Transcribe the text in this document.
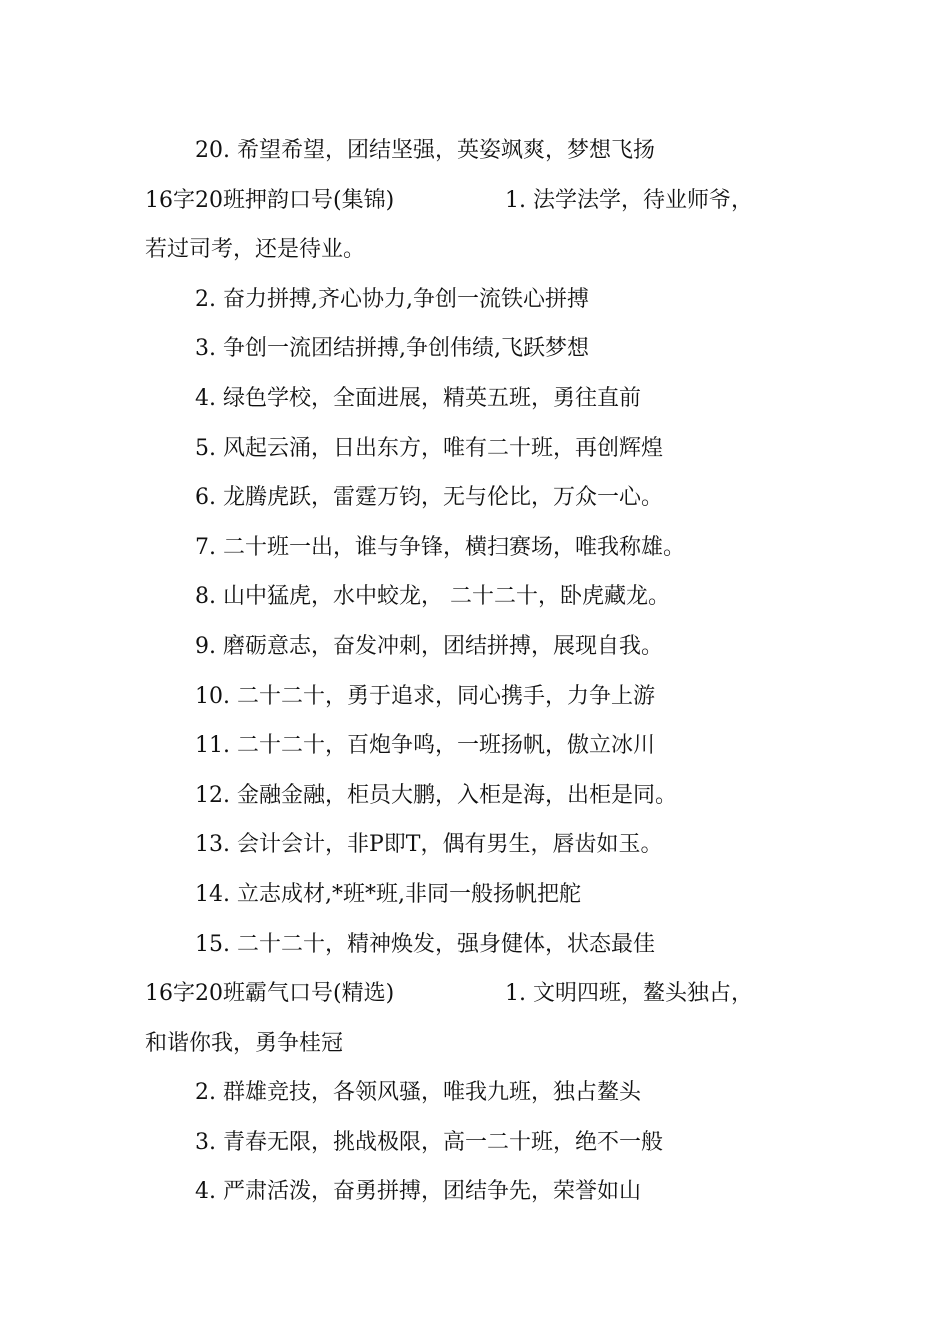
20. 希望希望，团结坚强，英姿飒爽，梦想飞扬
16字20班押韵口号(集锦)	1. 法学法学，待业师爷，
若过司考，还是待业。
2. 奋力拼搏,齐心协力,争创一流铁心拼搏
3. 争创一流团结拼搏,争创伟绩,飞跃梦想
4. 绿色学校，全面进展，精英五班，勇往直前
5. 风起云涌，日出东方，唯有二十班，再创辉煌
6. 龙腾虎跃，雷霆万钧，无与伦比，万众一心。
7. 二十班一出，谁与争锋，横扫赛场，唯我称雄。
8. 山中猛虎，水中蛟龙， 二十二十，卧虎藏龙。
9. 磨砺意志，奋发冲刺，团结拼搏，展现自我。
10. 二十二十，勇于追求，同心携手，力争上游
11. 二十二十，百炮争鸣，一班扬帆，傲立冰川
12. 金融金融，柜员大鹏，入柜是海，出柜是同。
13. 会计会计，非P即T，偶有男生，唇齿如玉。
14. 立志成材,*班*班,非同一般扬帆把舵
15. 二十二十，精神焕发，强身健体，状态最佳
16字20班霸气口号(精选)	1. 文明四班，鳌头独占，
和谐你我，勇争桂冠
2. 群雄竞技，各领风骚，唯我九班，独占鳌头
3. 青春无限，挑战极限，高一二十班，绝不一般
4. 严肃活泼，奋勇拼搏，团结争先，荣誉如山
